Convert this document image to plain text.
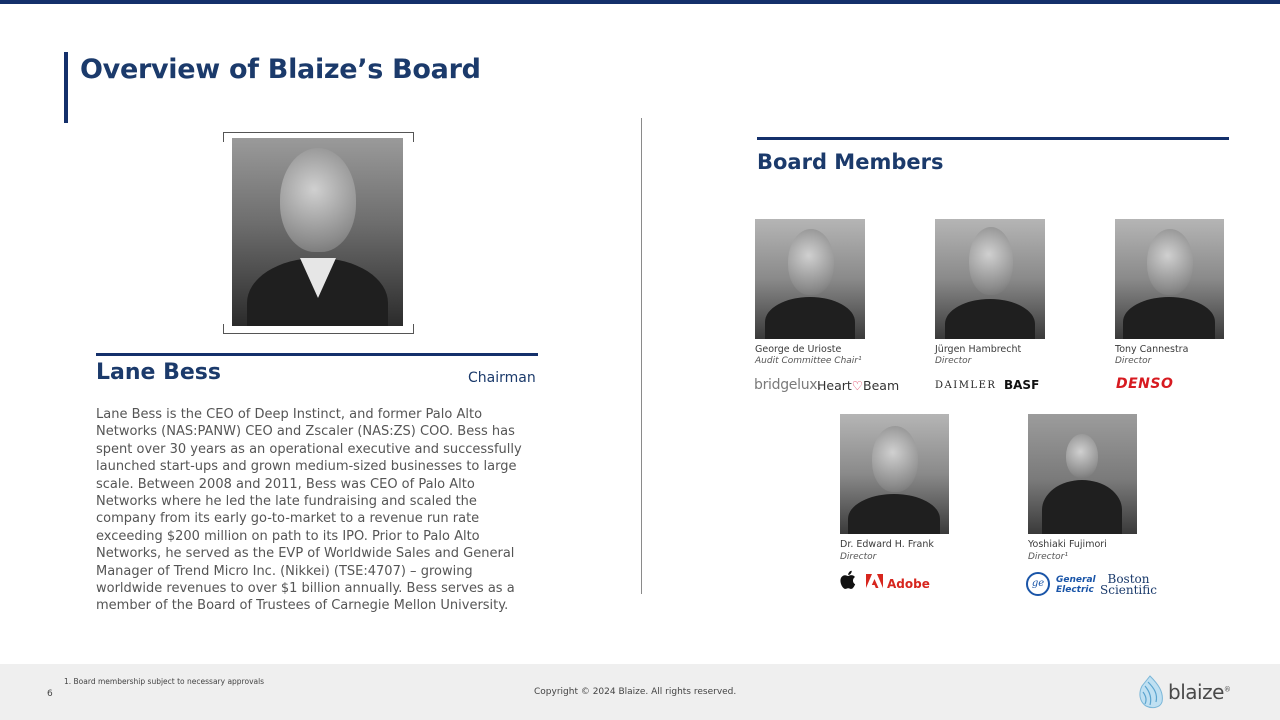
Overview of Blaize’s Board
Lane Bess	Chairman
Lane Bess is the CEO of Deep Instinct, and former Palo Alto Networks (NAS:PANW) CEO and Zscaler (NAS:ZS) COO. Bess has spent over 30 years as an operational executive and successfully launched start-ups and grown medium-sized businesses to large scale. Between 2008 and 2011, Bess was CEO of Palo Alto Networks where he led the late fundraising and scaled the company from its early go-to-market to a revenue run rate exceeding $200 million on path to its IPO. Prior to Palo Alto Networks, he served as the EVP of Worldwide Sales and General Manager of Trend Micro Inc. (Nikkei) (TSE:4707) – growing worldwide revenues to over $1 billion annually. Bess serves as a member of the Board of Trustees of Carnegie Mellon University.
Board Members
George de Urioste
Audit Committee Chair¹
bridgelux.
Heart♡Beam
Jürgen Hambrecht
Director
DAIMLER BASF
Tony Cannestra
Director
DENSO
Dr. Edward H. Frank
Director
Adobe
Yoshiaki Fujimori
Director¹
ge	General
Electric
Boston
Scientific
6
1. Board membership subject to necessary approvals
Copyright © 2024 Blaize. All rights reserved.	blaize®
